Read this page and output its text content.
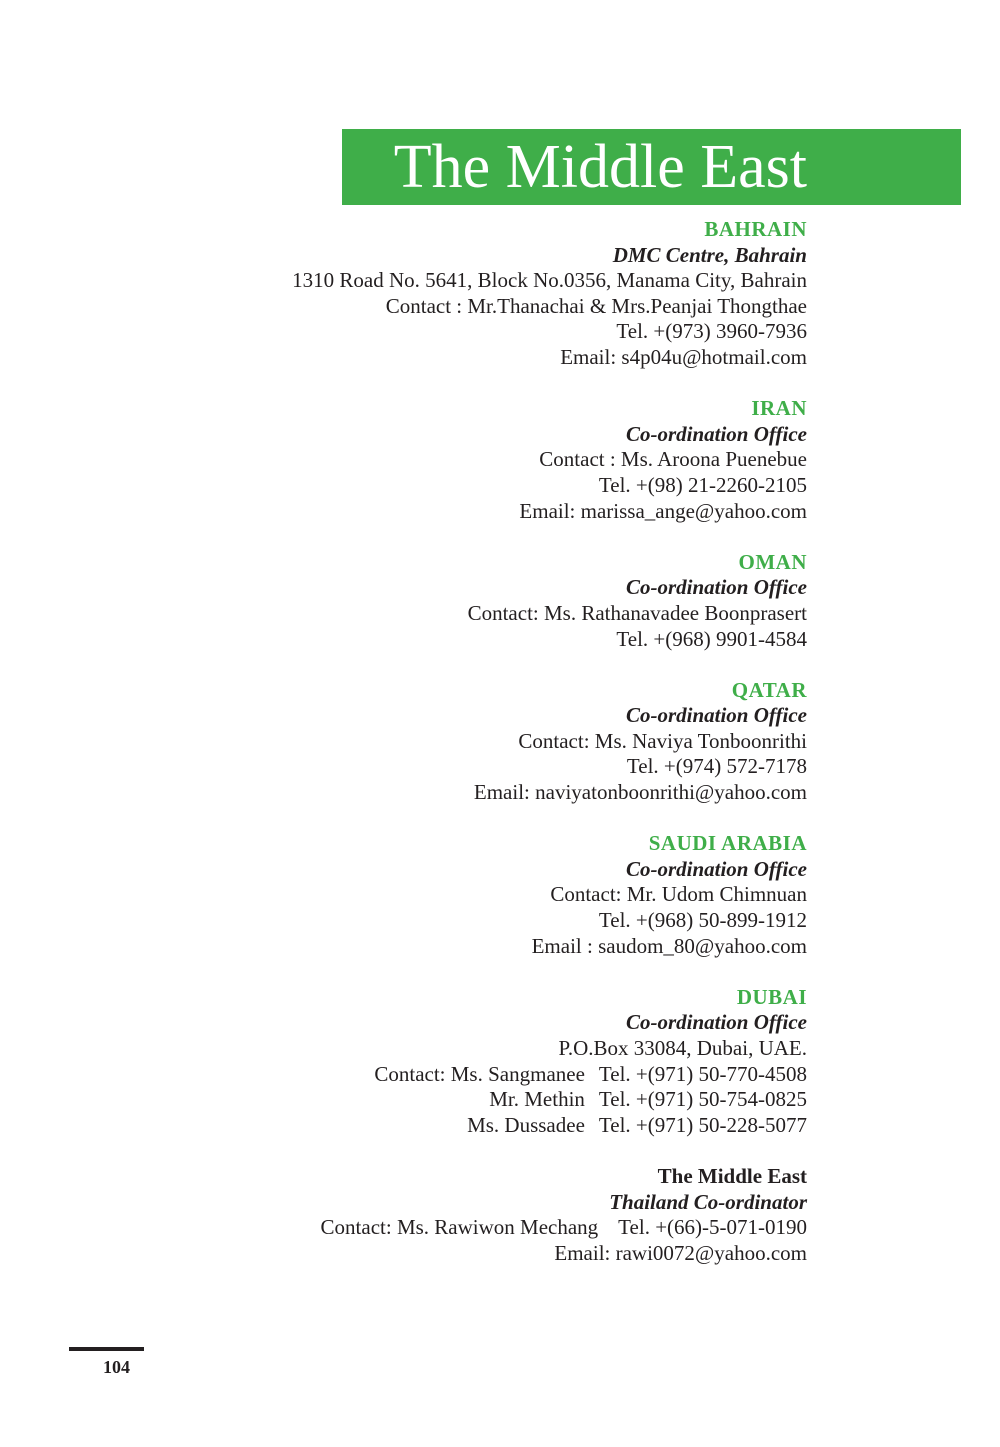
The Middle East
BAHRAIN
DMC Centre, Bahrain
1310 Road No. 5641, Block No.0356, Manama City, Bahrain
Contact : Mr.Thanachai & Mrs.Peanjai Thongthae
Tel. +(973) 3960-7936
Email: s4p04u@hotmail.com
IRAN
Co-ordination Office
Contact : Ms. Aroona Puenebue
Tel. +(98) 21-2260-2105
Email: marissa_ange@yahoo.com
OMAN
Co-ordination Office
Contact: Ms. Rathanavadee Boonprasert
Tel. +(968) 9901-4584
QATAR
Co-ordination Office
Contact: Ms. Naviya Tonboonrithi
Tel. +(974) 572-7178
Email: naviyatonboonrithi@yahoo.com
SAUDI ARABIA
Co-ordination Office
Contact: Mr. Udom Chimnuan
Tel. +(968) 50-899-1912
Email : saudom_80@yahoo.com
DUBAI
Co-ordination Office
P.O.Box 33084, Dubai, UAE.
Contact: Ms. Sangmanee Tel. +(971) 50-770-4508
Mr. Methin Tel. +(971) 50-754-0825
Ms. Dussadee Tel. +(971) 50-228-5077
The Middle East
Thailand Co-ordinator
Contact: Ms. Rawiwon Mechang Tel. +(66)-5-071-0190
Email: rawi0072@yahoo.com
104
